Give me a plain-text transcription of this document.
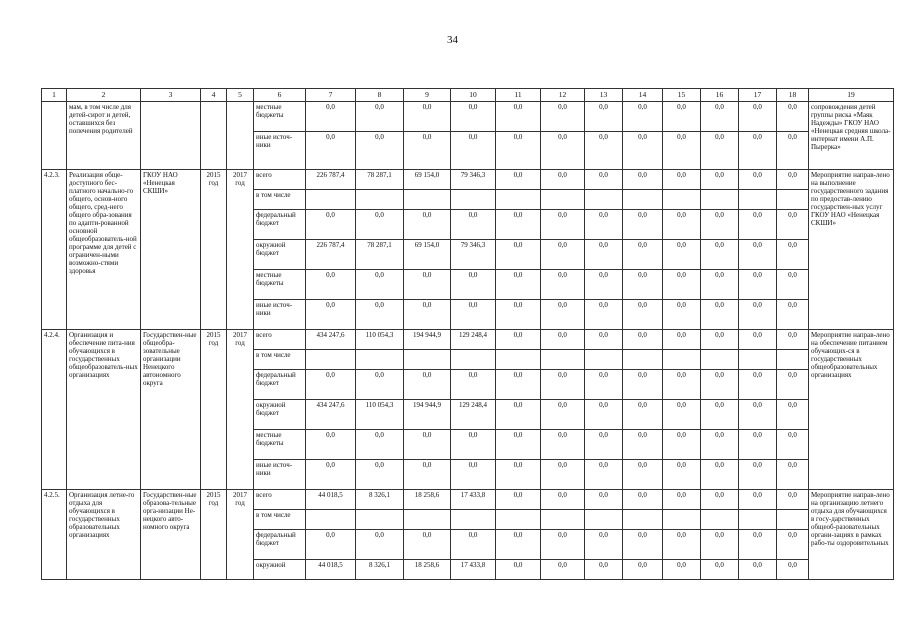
34
1	2	3	4	5	6	7	8	9	10	11	12	13	14	15	16	17	18	19
	мам, в том числе для детей-сирот и детей, оставшихся без попечения родителей				местные бюджеты	0,0	0,0	0,0	0,0	0,0	0,0	0,0	0,0	0,0	0,0	0,0	0,0	сопровождения детей группы риска «Маяк Надежды» ГКОУ НАО «Ненецкая средняя школа-интернат имени А.П. Пырерка»
					иные источ-ники	0,0	0,0	0,0	0,0	0,0	0,0	0,0	0,0	0,0	0,0	0,0	0,0	
4.2.3.	Реализация обще-доступного бес-платного начально-го общего, основ-ного общего, сред-него общего обра-зования по адапти-рованной основной общеобразователь-ной программе для детей с ограничен-ными возможно-стями здоровья	ГКОУ НАО «Ненецкая СКШИ»	2015 год	2017 год	всего	226 787,4	78 287,1	69 154,0	79 346,3	0,0	0,0	0,0	0,0	0,0	0,0	0,0	0,0	Мероприятие направ-лено на выполнение государственного задания по предостав-лению государствен-ных услуг ГКОУ НАО «Ненецкая СКШИ»
					в том числе													
					федеральный бюджет	0,0	0,0	0,0	0,0	0,0	0,0	0,0	0,0	0,0	0,0	0,0	0,0	
					окружной бюджет	226 787,4	78 287,1	69 154,0	79 346,3	0,0	0,0	0,0	0,0	0,0	0,0	0,0	0,0	
					местные бюджеты	0,0	0,0	0,0	0,0	0,0	0,0	0,0	0,0	0,0	0,0	0,0	0,0	
					иные источ-ники	0,0	0,0	0,0	0,0	0,0	0,0	0,0	0,0	0,0	0,0	0,0	0,0	
4.2.4.	Организация и обеспечение пита-ния обучающихся в государственных общеобразователь-ных организациях	Государствен-ные общеобра-зовательные организации Ненецкого автономного округа	2015 год	2017 год	всего	434 247,6	110 054,3	194 944,9	129 248,4	0,0	0,0	0,0	0,0	0,0	0,0	0,0	0,0	Мероприятие направ-лено на обеспечение питанием обучающих-ся в государственных общеобразовательных организациях
					в том числе													
					федеральный бюджет	0,0	0,0	0,0	0,0	0,0	0,0	0,0	0,0	0,0	0,0	0,0	0,0	
					окружной бюджет	434 247,6	110 054,3	194 944,9	129 248,4	0,0	0,0	0,0	0,0	0,0	0,0	0,0	0,0	
					местные бюджеты	0,0	0,0	0,0	0,0	0,0	0,0	0,0	0,0	0,0	0,0	0,0	0,0	
					иные источ-ники	0,0	0,0	0,0	0,0	0,0	0,0	0,0	0,0	0,0	0,0	0,0	0,0	
4.2.5.	Организация летне-го отдыха для обучающихся в государственных образовательных организациях	Государствен-ные образова-тельные орга-низации Не-нецкого авто-номного округа	2015 год	2017 год	всего	44 018,5	8 326,1	18 258,6	17 433,8	0,0	0,0	0,0	0,0	0,0	0,0	0,0	0,0	Мероприятие направ-лено на организацию летнего отдыха для обучающихся в госу-дарственных общеоб-разовательных органи-зациях в рамках рабо-ты оздоровительных
					в том числе													
					федеральный бюджет	0,0	0,0	0,0	0,0	0,0	0,0	0,0	0,0	0,0	0,0	0,0	0,0	
					окружной	44 018,5	8 326,1	18 258,6	17 433,8	0,0	0,0	0,0	0,0	0,0	0,0	0,0	0,0	
